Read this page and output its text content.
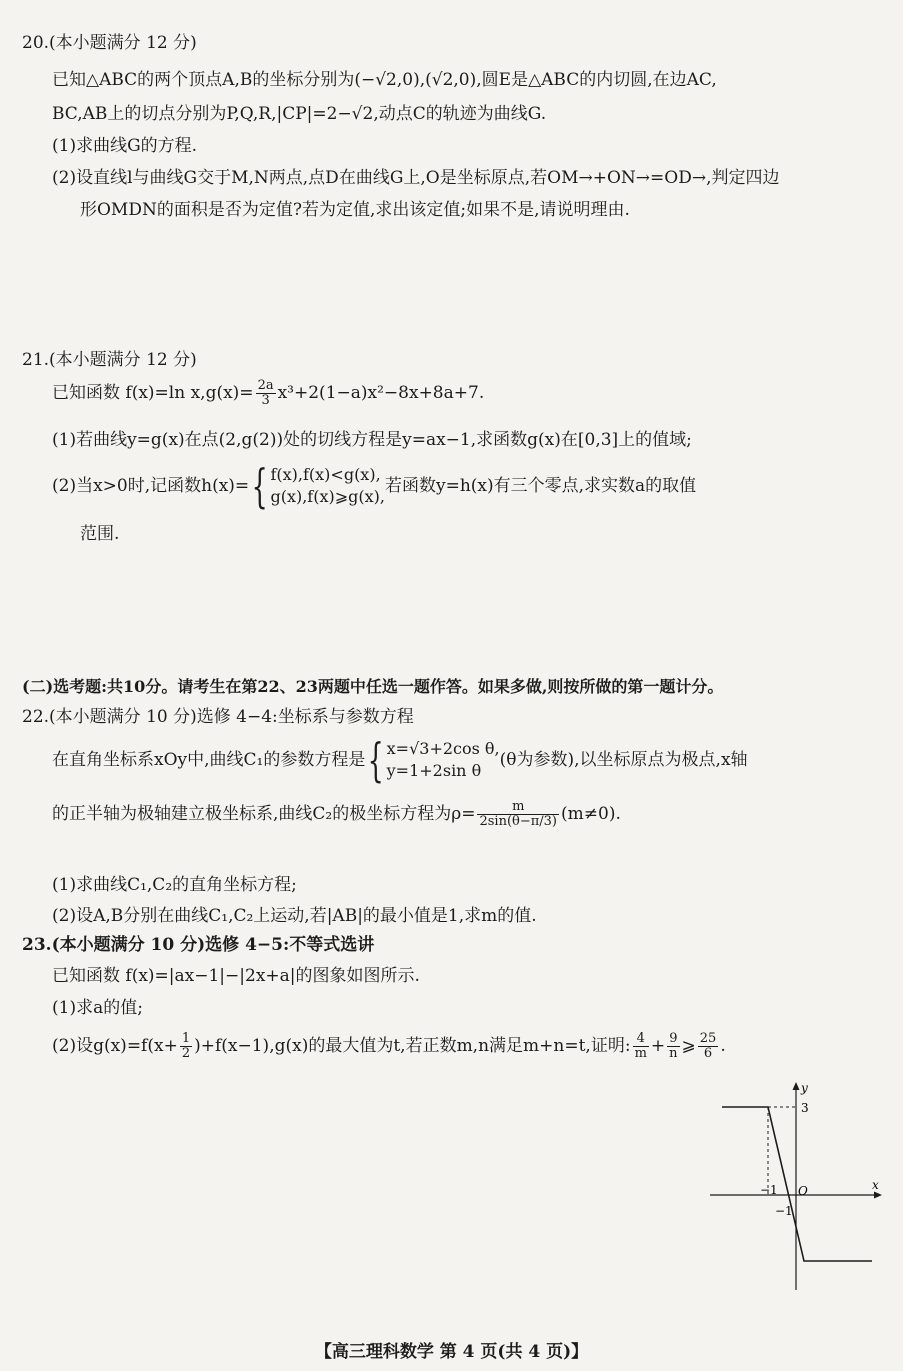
20.(本小题满分 12 分)
已知△ABC的两个顶点A,B的坐标分别为(−√2,0),(√2,0),圆E是△ABC的内切圆,在边AC,
BC,AB上的切点分别为P,Q,R,|CP|=2−√2,动点C的轨迹为曲线G.
(1)求曲线G的方程.
(2)设直线l与曲线G交于M,N两点,点D在曲线G上,O是坐标原点,若OM→+ON→=OD→,判定四边
形OMDN的面积是否为定值?若为定值,求出该定值;如果不是,请说明理由.
21.(本小题满分 12 分)
已知函数 f(x)=ln $x,g(x)= \frac{2a}{3} x^3+2(1-a)x^2-8x+8a+7$.
(1)若曲线y=g(x)在点(2,g(2))处的切线方程是y=ax−1,求函数g(x)在[0,3]上的值域;
(2)当x>0时,记函数h(x)= { f(x),f(x)<g(x),
g(x),f(x)⩾g(x),
若函数y=h(x)有三个零点,求实数a的取值
范围.
(二)选考题:共10分。请考生在第22、23两题中任选一题作答。如果多做,则按所做的第一题计分。
22.(本小题满分 10 分)选修 4−4:坐标系与参数方程
在直角坐标系xOy中,曲线C₁的参数方程是 { x=√3+2cos θ,
y=1+2sin θ
(θ为参数),以坐标原点为极点,x轴
的正半轴为极轴建立极坐标系,曲线C₂的极坐标方程为$\rho= \frac{m}{2\sin(\theta-\pi/3)} (m\ne 0)$.
(1)求曲线C₁,C₂的直角坐标方程;
(2)设A,B分别在曲线C₁,C₂上运动,若|AB|的最小值是1,求m的值.
23.(本小题满分 10 分)选修 4−5:不等式选讲
已知函数 f(x)=|ax−1|−|2x+a|的图象如图所示.
(1)求a的值;
(2)设$g(x)=f(x+ \frac{1}{2} )+f(x-1),g(x)$的最大值为t,若正数m,n满足m+n=t,证明: $\frac{4}{m} + \frac{9}{n}$ ⩾ $\frac{25}{6}$ .
x
y
O
3
−1
−1
【高三理科数学 第 4 页(共 4 页)】
